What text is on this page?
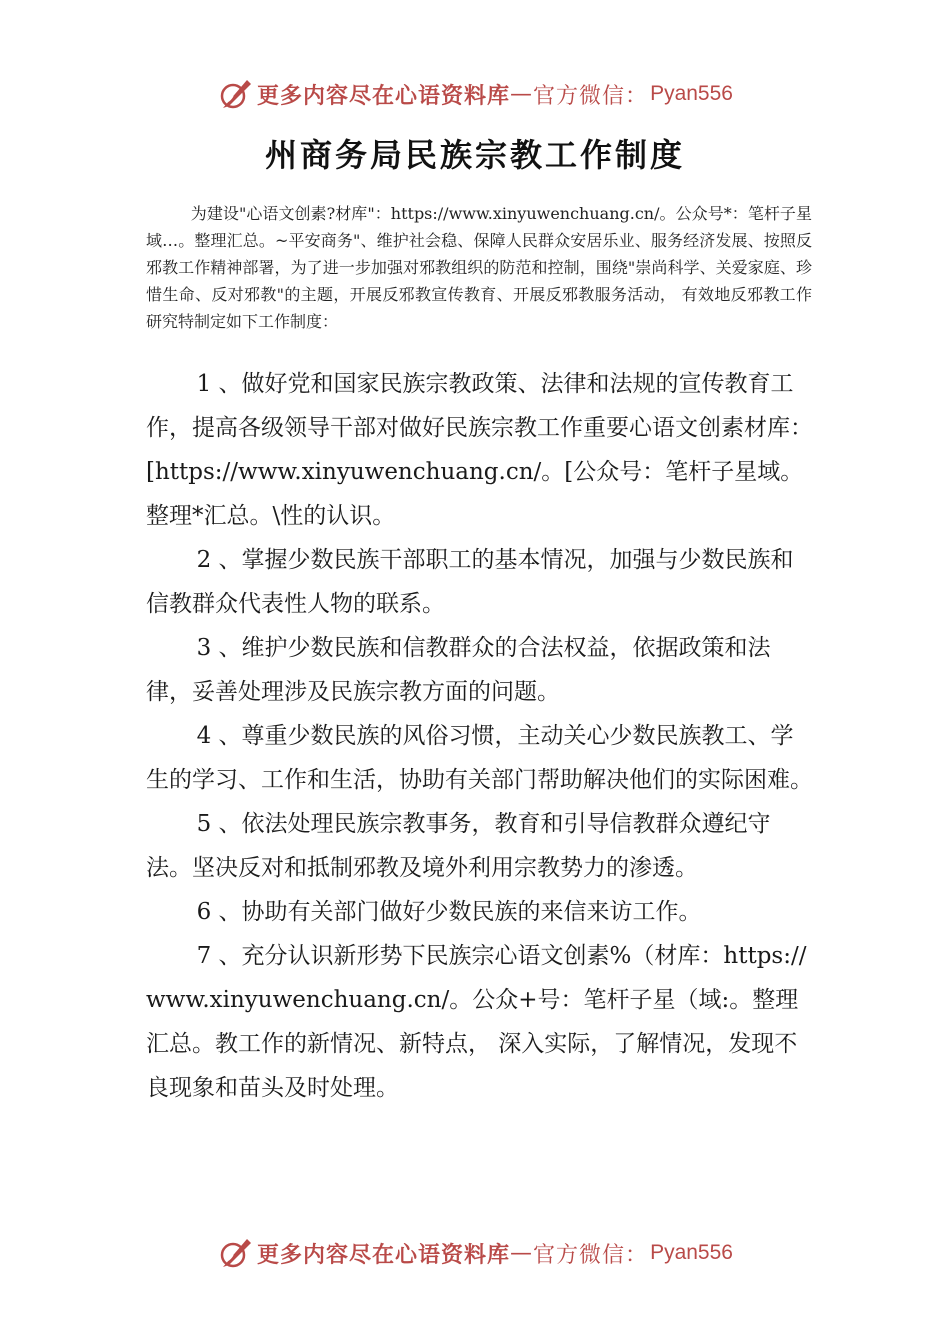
更多内容尽在心语资料库 — 官方微信： Pyan556
州商务局民族宗教工作制度

为建设"心语文创素?材库"：https://www.xinyuwenchuang.cn/。公众号*：笔杆子星域…。整理汇总。~平安商务"、维护社会稳、保障人民群众安居乐业、服务经济发展、按照反邪教工作精神部署，为了进一步加强对邪教组织的防范和控制，围绕"崇尚科学、关爱家庭、珍惜生命、反对邪教"的主题，开展反邪教宣传教育、开展反邪教服务活动， 有效地反邪教工作研究特制定如下工作制度：

1 、做好党和国家民族宗教政策、法律和法规的宣传教育工作，提高各级领导干部对做好民族宗教工作重要心语文创素材库：[https://www.xinyuwenchuang.cn/。[公众号：笔杆子星域。整理*汇总。\性的认识。

2 、掌握少数民族干部职工的基本情况，加强与少数民族和信教群众代表性人物的联系。

3 、维护少数民族和信教群众的合法权益，依据政策和法律，妥善处理涉及民族宗教方面的问题。

4 、尊重少数民族的风俗习惯，主动关心少数民族教工、学生的学习、工作和生活，协助有关部门帮助解决他们的实际困难。

5 、依法处理民族宗教事务，教育和引导信教群众遵纪守法。坚决反对和抵制邪教及境外利用宗教势力的渗透。

6 、协助有关部门做好少数民族的来信来访工作。

7 、充分认识新形势下民族宗心语文创素%（材库：https://www.xinyuwenchuang.cn/。公众+号：笔杆子星（域:。整理汇总。教工作的新情况、新特点， 深入实际，了解情况，发现不良现象和苗头及时处理。

更多内容尽在心语资料库 — 官方微信： Pyan556
